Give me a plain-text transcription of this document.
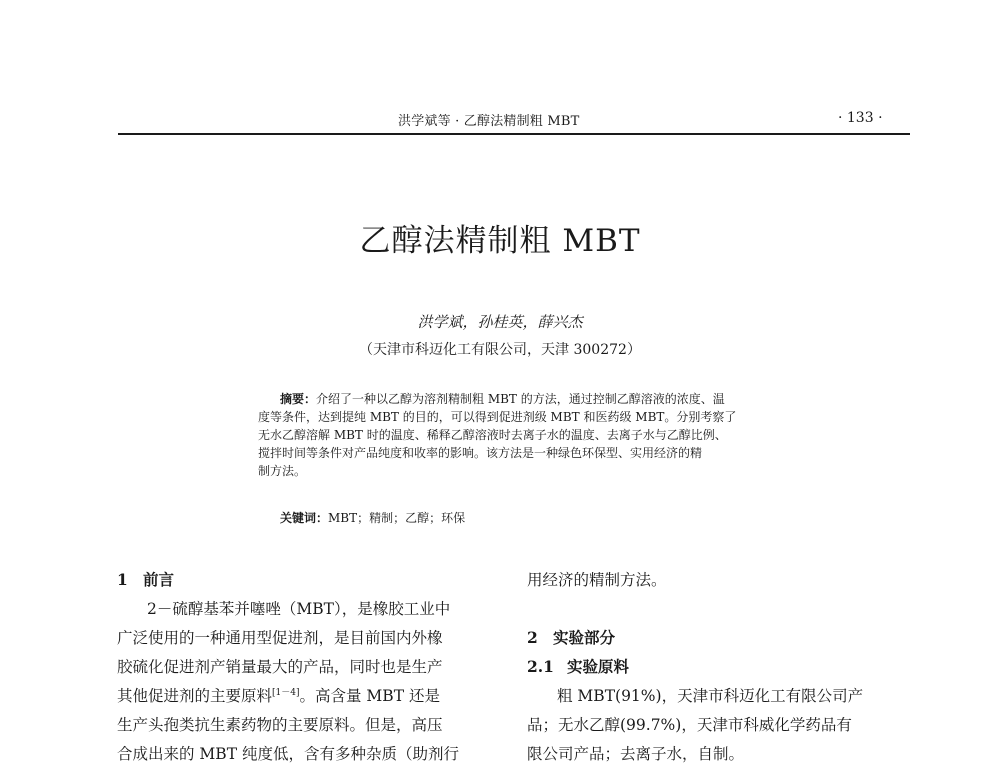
洪学斌等 · 乙醇法精制粗 MBT	· 133 ·
乙醇法精制粗 MBT
洪学斌，孙桂英，薛兴杰
（天津市科迈化工有限公司，天津 300272）
摘要：介绍了一种以乙醇为溶剂精制粗 MBT 的方法，通过控制乙醇溶液的浓度、温
度等条件，达到提纯 MBT 的目的，可以得到促进剂级 MBT 和医药级 MBT。分别考察了
无水乙醇溶解 MBT 时的温度、稀释乙醇溶液时去离子水的温度、去离子水与乙醇比例、
搅拌时间等条件对产品纯度和收率的影响。该方法是一种绿色环保型、实用经济的精
制方法。
关键词：MBT；精制；乙醇；环保
1 前言
2－硫醇基苯并噻唑（MBT），是橡胶工业中
广泛使用的一种通用型促进剂，是目前国内外橡
胶硫化促进剂产销量最大的产品，同时也是生产
其他促进剂的主要原料[1－4]。高含量 MBT 还是
生产头孢类抗生素药物的主要原料。但是，高压
合成出来的 MBT 纯度低，含有多种杂质（助剂行
用经济的精制方法。
2 实验部分
2.1 实验原料
粗 MBT(91%)，天津市科迈化工有限公司产
品；无水乙醇(99.7%)，天津市科威化学药品有
限公司产品；去离子水，自制。
